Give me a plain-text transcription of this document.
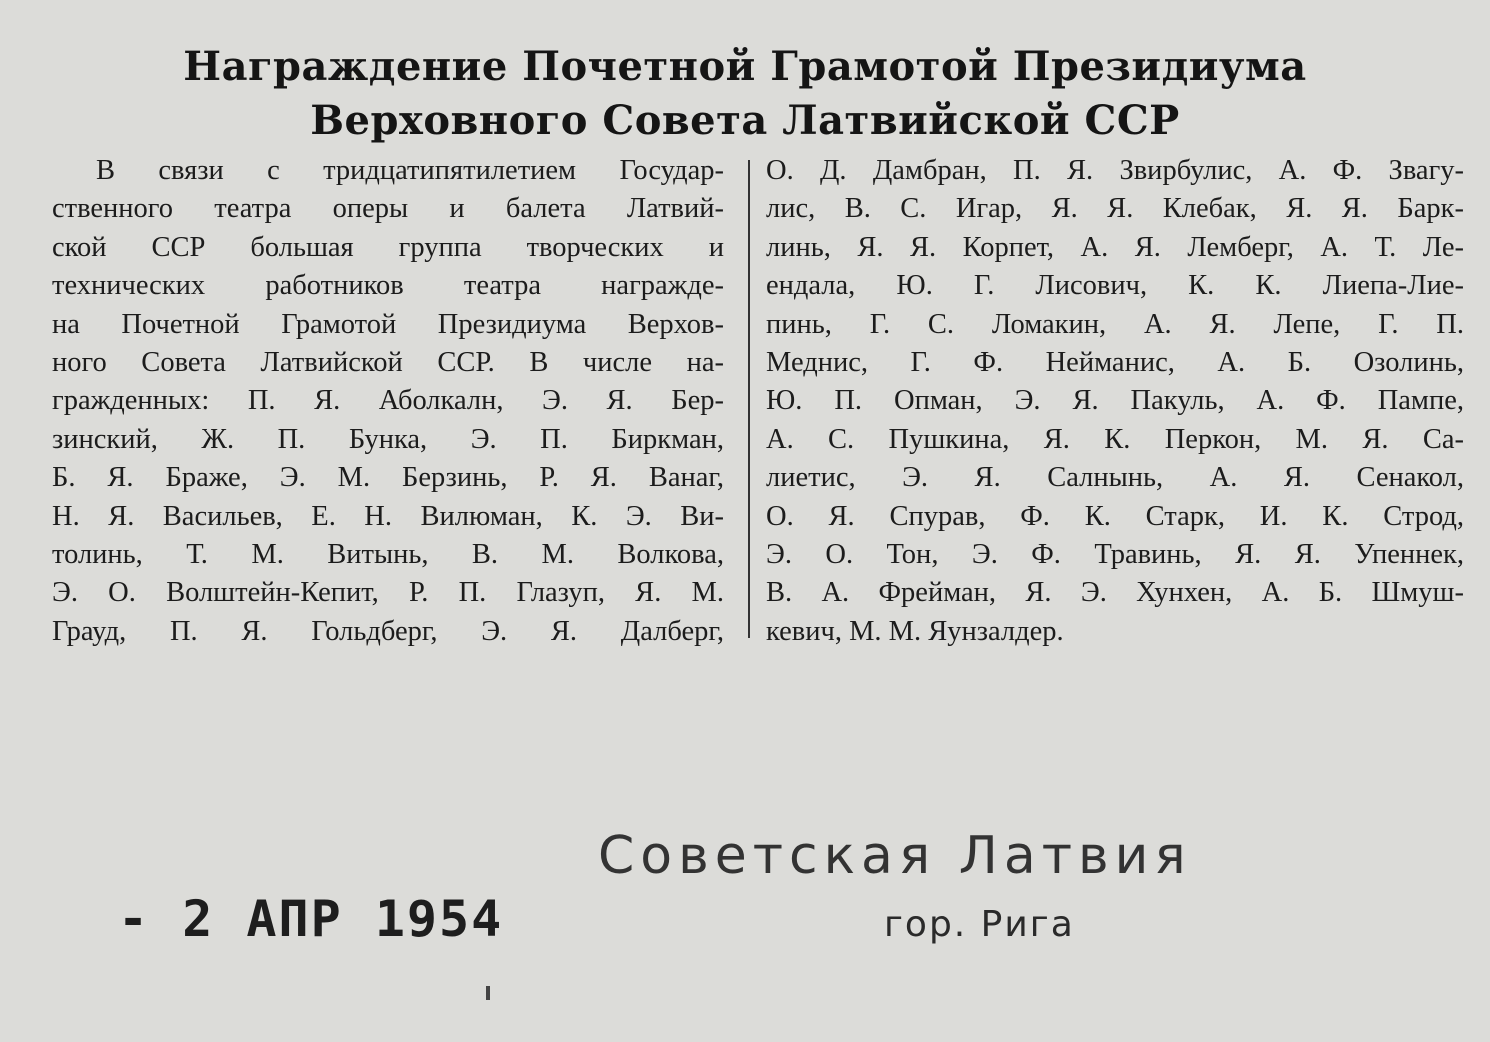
Награждение Почетной Грамотой Президиума
Верховного Совета Латвийской ССР
В связи с тридцатипятилетием Государ-
ственного театра оперы и балета Латвий-
ской ССР большая группа творческих и
технических работников театра награжде-
на Почетной Грамотой Президиума Верхов-
ного Совета Латвийской ССР. В числе на-
гражденных: П. Я. Аболкалн, Э. Я. Бер-
зинский, Ж. П. Бунка, Э. П. Биркман,
Б. Я. Браже, Э. М. Берзинь, Р. Я. Ванаг,
Н. Я. Васильев, Е. Н. Вилюман, К. Э. Ви-
толинь, Т. М. Витынь, В. М. Волкова,
Э. О. Волштейн-Кепит, Р. П. Глазуп, Я. М.
Грауд, П. Я. Гольдберг, Э. Я. Далберг,
О. Д. Дамбран, П. Я. Звирбулис, А. Ф. Звагу-
лис, В. С. Игар, Я. Я. Клебак, Я. Я. Барк-
линь, Я. Я. Корпет, А. Я. Лемберг, А. Т. Ле-
ендала, Ю. Г. Лисович, К. К. Лиепа-Лие-
пинь, Г. С. Ломакин, А. Я. Лепе, Г. П.
Меднис, Г. Ф. Нейманис, А. Б. Озолинь,
Ю. П. Опман, Э. Я. Пакуль, А. Ф. Пампе,
А. С. Пушкина, Я. К. Перкон, М. Я. Са-
лиетис, Э. Я. Салнынь, А. Я. Сенакол,
О. Я. Спурав, Ф. К. Старк, И. К. Строд,
Э. О. Тон, Э. Ф. Травинь, Я. Я. Упеннек,
В. А. Фрейман, Я. Э. Хунхен, А. Б. Шмуш-
кевич, М. М. Яунзалдер.
Советская Латвия
гор. Рига
- 2 АПР 1954
